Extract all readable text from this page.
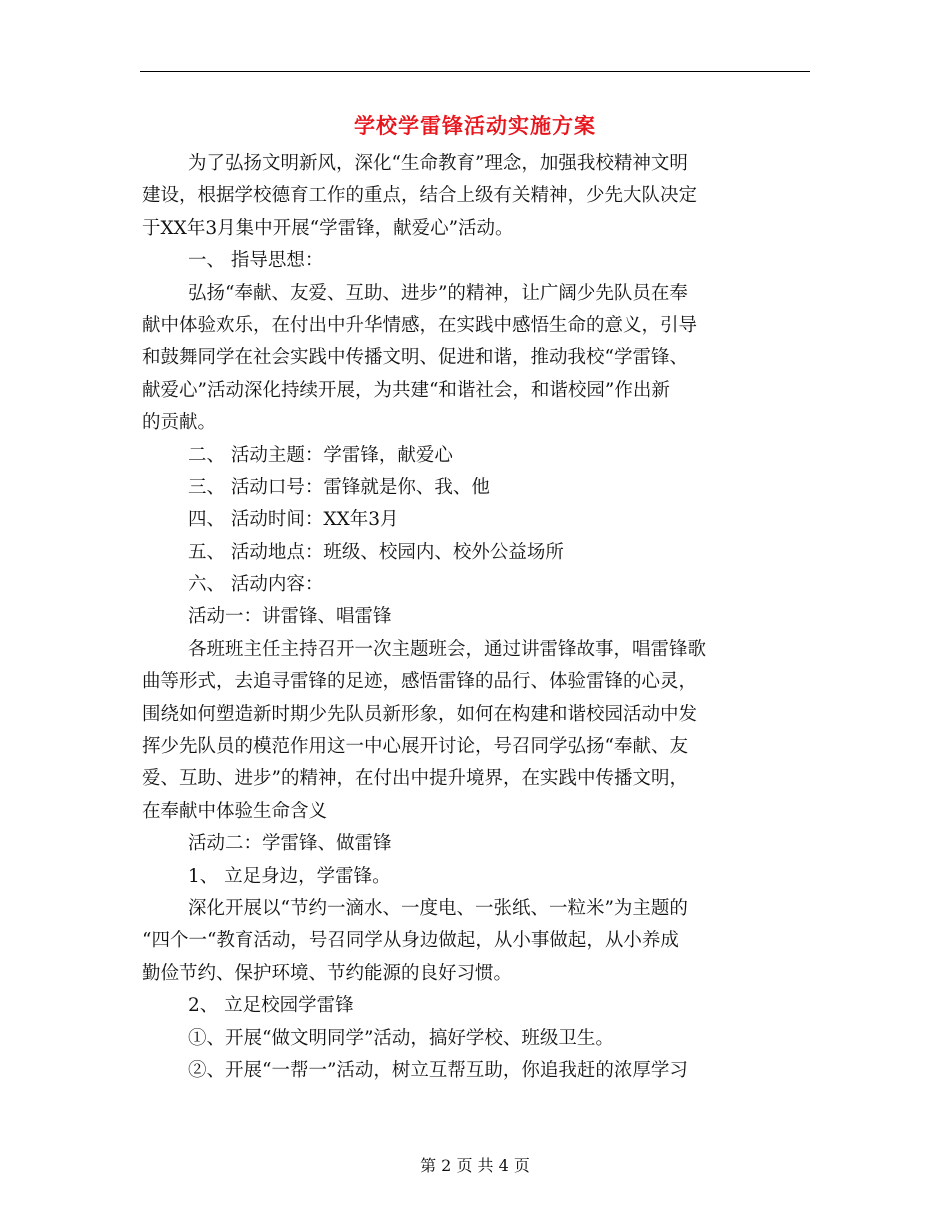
学校学雷锋活动实施方案
为了弘扬文明新风，深化“生命教育”理念，加强我校精神文明
建设，根据学校德育工作的重点，结合上级有关精神，少先大队决定
于XX年3月集中开展“学雷锋，献爱心”活动。
一、 指导思想：
弘扬“奉献、友爱、互助、进步”的精神，让广阔少先队员在奉
献中体验欢乐，在付出中升华情感，在实践中感悟生命的意义，引导
和鼓舞同学在社会实践中传播文明、促进和谐，推动我校“学雷锋、
献爱心”活动深化持续开展，为共建“和谐社会，和谐校园”作出新
的贡献。
二、 活动主题：学雷锋，献爱心
三、 活动口号：雷锋就是你、我、他
四、 活动时间：XX年3月
五、 活动地点：班级、校园内、校外公益场所
六、 活动内容：
活动一：讲雷锋、唱雷锋
各班班主任主持召开一次主题班会，通过讲雷锋故事，唱雷锋歌
曲等形式，去追寻雷锋的足迹，感悟雷锋的品行、体验雷锋的心灵，
围绕如何塑造新时期少先队员新形象，如何在构建和谐校园活动中发
挥少先队员的模范作用这一中心展开讨论，号召同学弘扬“奉献、友
爱、互助、进步”的精神，在付出中提升境界，在实践中传播文明，
在奉献中体验生命含义
活动二：学雷锋、做雷锋
1、 立足身边，学雷锋。
深化开展以“节约一滴水、一度电、一张纸、一粒米”为主题的
“四个一“教育活动，号召同学从身边做起，从小事做起，从小养成
勤俭节约、保护环境、节约能源的良好习惯。
2、 立足校园学雷锋
①、开展“做文明同学”活动，搞好学校、班级卫生。
②、开展“一帮一”活动，树立互帮互助，你追我赶的浓厚学习
第 2 页 共 4 页
